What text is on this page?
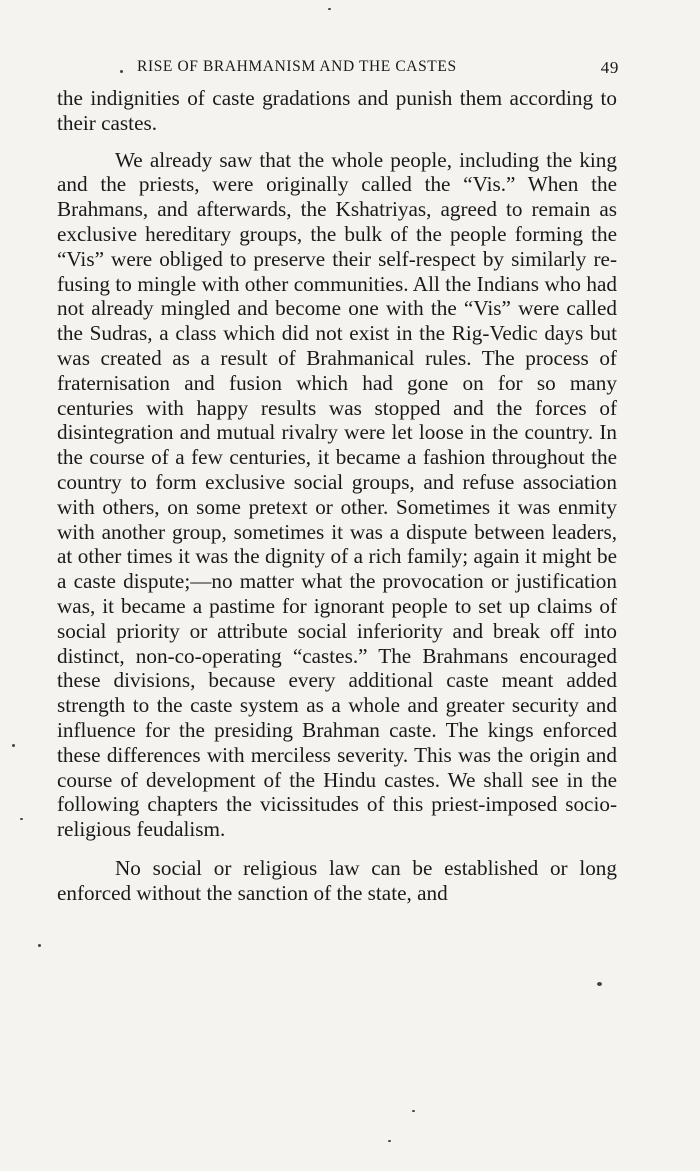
RISE OF BRAHMANISM AND THE CASTES	49

the indignities of caste gradations and punish them according to their castes.

We already saw that the whole people, including the king and the priests, were originally called the “Vis.” When the Brahmans, and afterwards, the Kshatriyas, agreed to remain as exclusive hereditary groups, the bulk of the people forming the “Vis” were obliged to preserve their self-respect by similarly refusing to mingle with other communities. All the Indians who had not already mingled and become one with the “Vis” were called the Sudras, a class which did not exist in the Rig-Vedic days but was created as a result of Brahmanical rules. The process of fraternisation and fusion which had gone on for so many centuries with happy results was stopped and the forces of disintegration and mutual rivalry were let loose in the country. In the course of a few centuries, it became a fashion throughout the country to form exclusive social groups, and refuse association with others, on some pretext or other. Sometimes it was enmity with another group, sometimes it was a dispute between leaders, at other times it was the dignity of a rich family; again it might be a caste dispute;—no matter what the provocation or justification was, it became a pastime for ignorant people to set up claims of social priority or attribute social inferiority and break off into distinct, non-co-operating “castes.” The Brahmans encouraged these divisions, because every additional caste meant added strength to the caste system as a whole and greater security and influence for the presiding Brahman caste. The kings enforced these differences with merciless severity. This was the origin and course of development of the Hindu castes. We shall see in the following chapters the vicissitudes of this priest-imposed socio-religious feudalism.

No social or religious law can be established or long enforced without the sanction of the state, and
